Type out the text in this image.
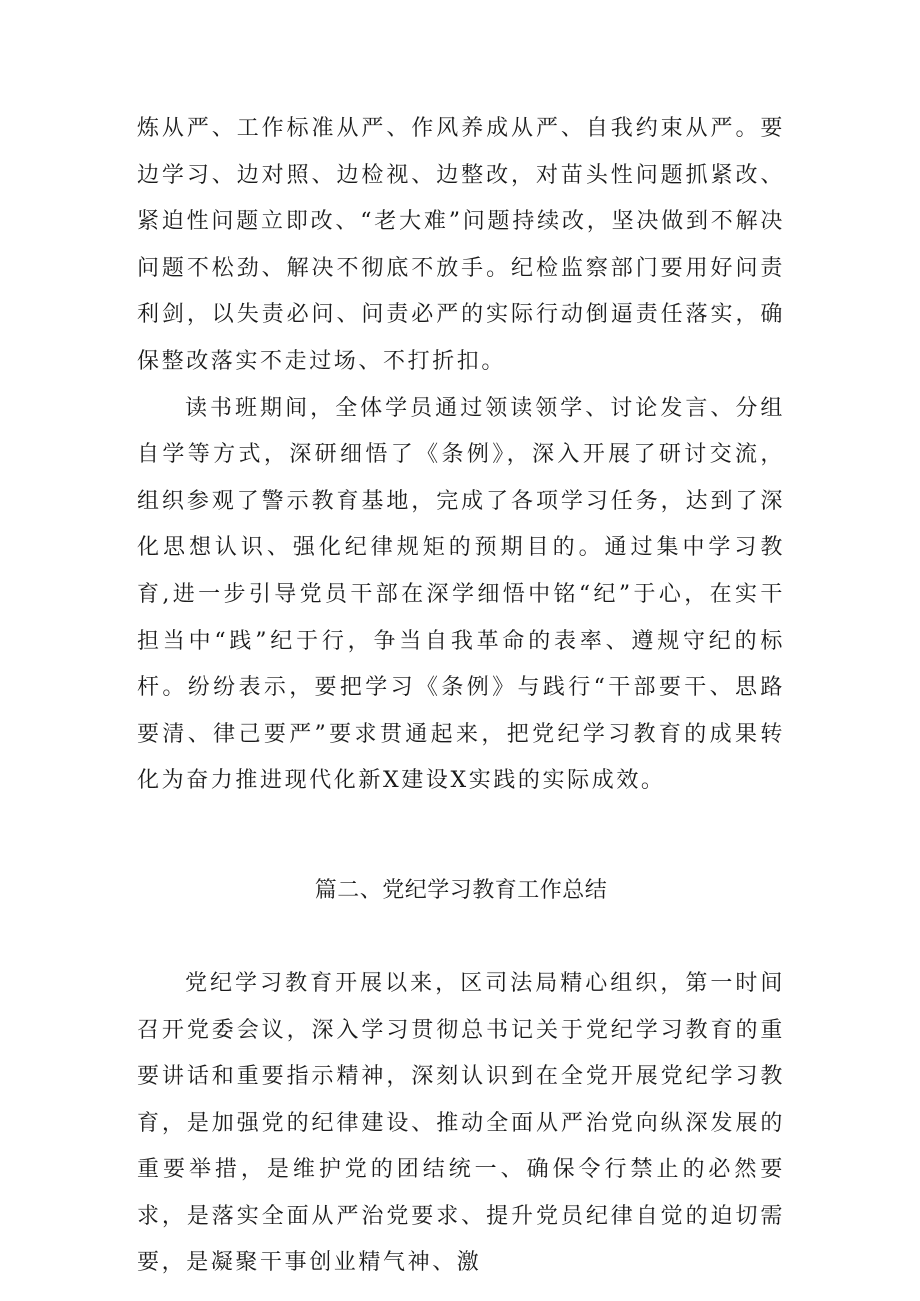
炼从严、工作标准从严、作风养成从严、自我约束从严。要边学习、边对照、边检视、边整改，对苗头性问题抓紧改、紧迫性问题立即改、“老大难”问题持续改，坚决做到不解决问题不松劲、解决不彻底不放手。纪检监察部门要用好问责利剑，以失责必问、问责必严的实际行动倒逼责任落实，确保整改落实不走过场、不打折扣。

读书班期间，全体学员通过领读领学、讨论发言、分组自学等方式，深研细悟了《条例》，深入开展了研讨交流，组织参观了警示教育基地，完成了各项学习任务，达到了深化思想认识、强化纪律规矩的预期目的。通过集中学习教育,进一步引导党员干部在深学细悟中铭“纪”于心，在实干担当中“践”纪于行，争当自我革命的表率、遵规守纪的标杆。纷纷表示，要把学习《条例》与践行“干部要干、思路要清、律己要严”要求贯通起来，把党纪学习教育的成果转化为奋力推进现代化新X建设X实践的实际成效。

篇二、党纪学习教育工作总结

党纪学习教育开展以来，区司法局精心组织，第一时间召开党委会议，深入学习贯彻总书记关于党纪学习教育的重要讲话和重要指示精神，深刻认识到在全党开展党纪学习教育，是加强党的纪律建设、推动全面从严治党向纵深发展的重要举措，是维护党的团结统一、确保令行禁止的必然要求，是落实全面从严治党要求、提升党员纪律自觉的迫切需要，是凝聚干事创业精气神、激
